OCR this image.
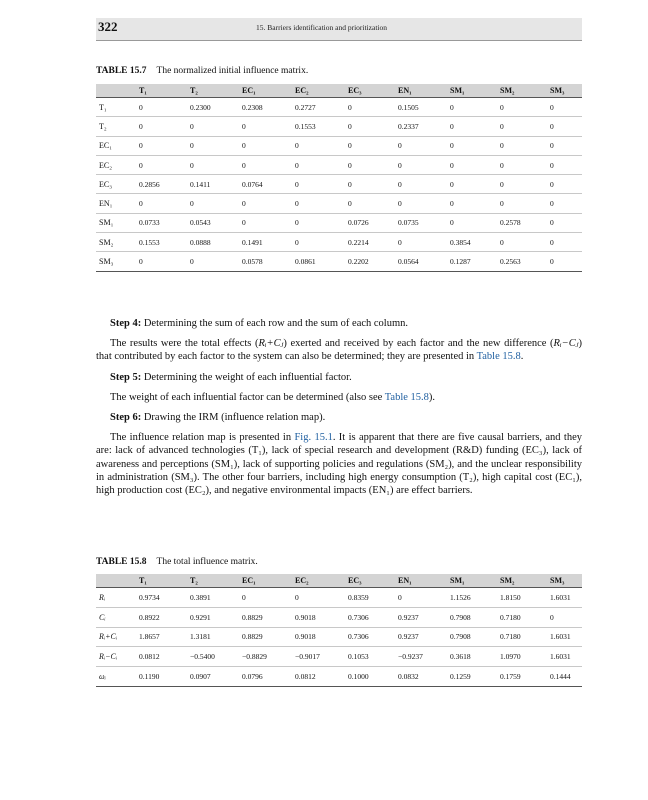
322	15. Barriers identification and prioritization
TABLE 15.7 The normalized initial influence matrix.
	T₁	T₂	EC₁	EC₂	EC₃	EN₁	SM₁	SM₂	SM₃
T₁	0	0.2300	0.2308	0.2727	0	0.1505	0	0	0
T₂	0	0	0	0.1553	0	0.2337	0	0	0
EC₁	0	0	0	0	0	0	0	0	0
EC₂	0	0	0	0	0	0	0	0	0
EC₃	0.2856	0.1411	0.0764	0	0	0	0	0	0
EN₁	0	0	0	0	0	0	0	0	0
SM₁	0.0733	0.0543	0	0	0.0726	0.0735	0	0.2578	0
SM₂	0.1553	0.0888	0.1491	0	0.2214	0	0.3854	0	0
SM₃	0	0	0.0578	0.0861	0.2202	0.0564	0.1287	0.2563	0

Step 4: Determining the sum of each row and the sum of each column.

The results were the total effects (Rᵢ+Cⱼ) exerted and received by each factor and the new difference (Rᵢ−Cⱼ) that contributed by each factor to the system can also be determined; they are presented in Table 15.8.

Step 5: Determining the weight of each influential factor.

The weight of each influential factor can be determined (also see Table 15.8).

Step 6: Drawing the IRM (influence relation map).

The influence relation map is presented in Fig. 15.1. It is apparent that there are five causal barriers, and they are: lack of advanced technologies (T₁), lack of special research and development (R&D) funding (EC₃), lack of awareness and perceptions (SM₁), lack of supporting policies and regulations (SM₂), and the unclear responsibility in administration (SM₃). The other four barriers, including high energy consumption (T₂), high capital cost (EC₁), high production cost (EC₂), and negative environmental impacts (EN₁) are effect barriers.

TABLE 15.8 The total influence matrix.
	T₁	T₂	EC₁	EC₂	EC₃	EN₁	SM₁	SM₂	SM₃
Rᵢ	0.9734	0.3891	0	0	0.8359	0	1.1526	1.8150	1.6031
Cᵢ	0.8922	0.9291	0.8829	0.9018	0.7306	0.9237	0.7908	0.7180	0
Rᵢ+Cᵢ	1.8657	1.3181	0.8829	0.9018	0.7306	0.9237	0.7908	0.7180	1.6031
Rᵢ−Cᵢ	0.0812	−0.5400	−0.8829	−0.9017	0.1053	−0.9237	0.3618	1.0970	1.6031
ωᵢ	0.1190	0.0907	0.0796	0.0812	0.1000	0.0832	0.1259	0.1759	0.1444
